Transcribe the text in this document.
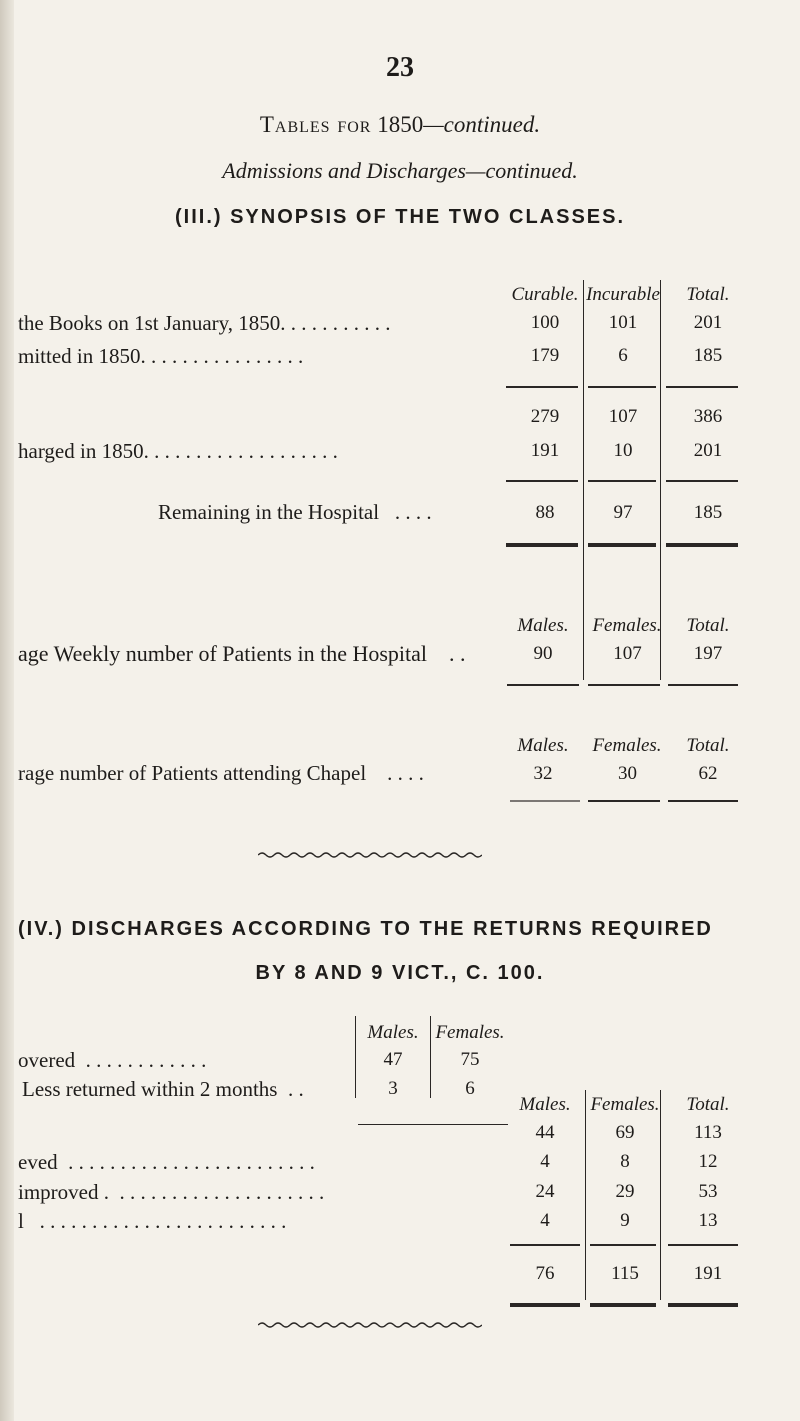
23
Tables for 1850—continued.
Admissions and Discharges—continued.
(III.) SYNOPSIS OF THE TWO CLASSES.
Curable. Incurable	Total.
the Books on 1st January, 1850. . . . . . . . . . .	100	101	201
mitted in 1850. . . . . . . . . . . . . . . .	179	6	185
279	107	386
harged in 1850. . . . . . . . . . . . . . . . . . .	191	10	201
Remaining in the Hospital . . . .	88	97	185
Males.	Females.	Total.
age Weekly number of Patients in the Hospital . .	90	107	197
Males.	Females.	Total.
rage number of Patients attending Chapel . . . .	32	30	62
(IV.) DISCHARGES ACCORDING TO THE RETURNS REQUIRED
BY 8 AND 9 VICT., C. 100.
Males. Females.
overed . . . . . . . . . . . .	47	75
Less returned within 2 months . .	3	6
Males.	Females.	Total.
44	69	113
eved . . . . . . . . . . . . . . . . . . . . . . . .	4	8	12
improved . . . . . . . . . . . . . . . . . . . . .	24	29	53
l . . . . . . . . . . . . . . . . . . . . . . . .	4	9	13
76	115	191
